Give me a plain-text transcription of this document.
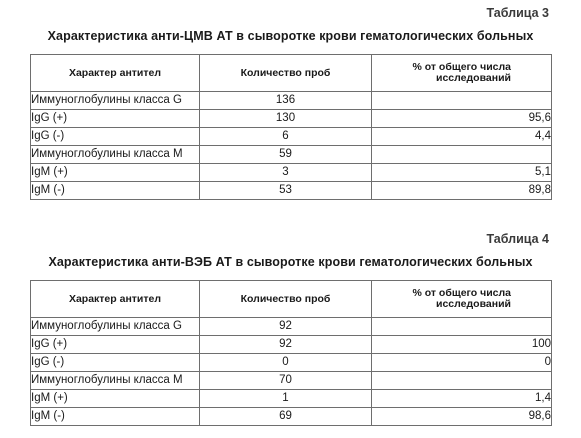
Таблица 3
Характеристика анти-ЦМВ АТ в сыворотке крови гематологических больных
Характер антител	Количество проб	% от общего числа исследований
Иммуноглобулины класса G	136	
IgG (+)	130	95,6
IgG (-)	6	4,4
Иммуноглобулины класса М	59	
IgM (+)	3	5,1
IgM (-)	53	89,8
Таблица 4
Характеристика анти-ВЭБ АТ в сыворотке крови гематологических больных
Характер антител	Количество проб	% от общего числа исследований
Иммуноглобулины класса G	92	
IgG (+)	92	100
IgG (-)	0	0
Иммуноглобулины класса М	70	
IgM (+)	1	1,4
IgM (-)	69	98,6
